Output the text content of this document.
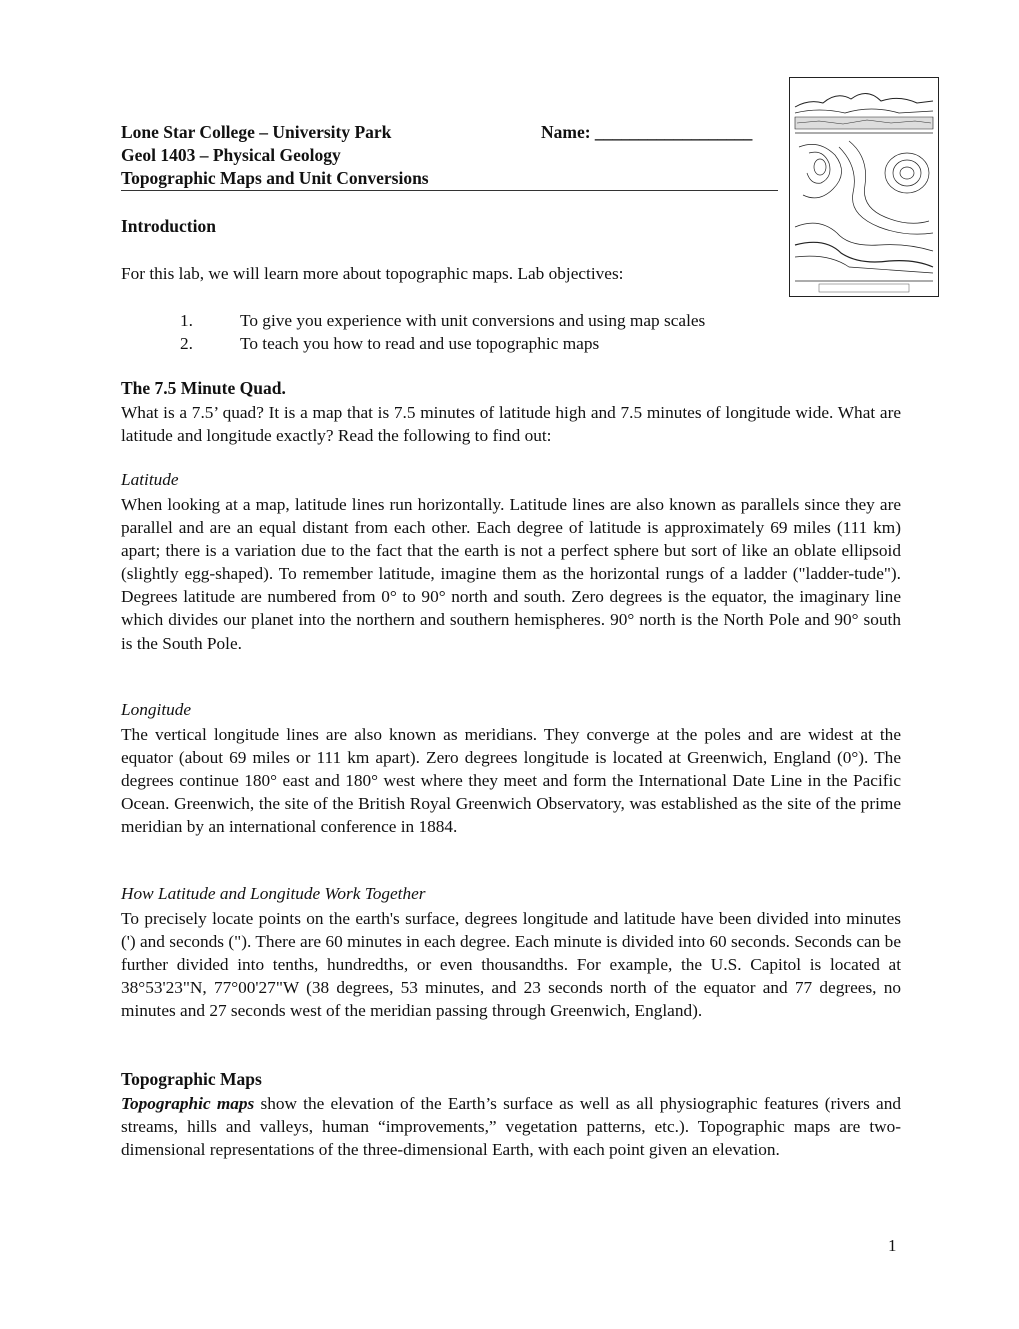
Lone Star College – University Park	Name: __________________
Geol 1403 – Physical Geology
Topographic Maps and Unit Conversions
Introduction
For this lab, we will learn more about topographic maps. Lab objectives:
1.	To give you experience with unit conversions and using map scales
2.	To teach you how to read and use topographic maps
The 7.5 Minute Quad.
What is a 7.5’ quad? It is a map that is 7.5 minutes of latitude high and 7.5 minutes of longitude wide. What are latitude and longitude exactly? Read the following to find out:
Latitude
When looking at a map, latitude lines run horizontally. Latitude lines are also known as parallels since they are parallel and are an equal distant from each other. Each degree of latitude is approximately 69 miles (111 km) apart; there is a variation due to the fact that the earth is not a perfect sphere but sort of like an oblate ellipsoid (slightly egg-shaped). To remember latitude, imagine them as the horizontal rungs of a ladder ("ladder-tude"). Degrees latitude are numbered from 0° to 90° north and south. Zero degrees is the equator, the imaginary line which divides our planet into the northern and southern hemispheres. 90° north is the North Pole and 90° south is the South Pole.
Longitude
The vertical longitude lines are also known as meridians. They converge at the poles and are widest at the equator (about 69 miles or 111 km apart). Zero degrees longitude is located at Greenwich, England (0°). The degrees continue 180° east and 180° west where they meet and form the International Date Line in the Pacific Ocean. Greenwich, the site of the British Royal Greenwich Observatory, was established as the site of the prime meridian by an international conference in 1884.
How Latitude and Longitude Work Together
To precisely locate points on the earth's surface, degrees longitude and latitude have been divided into minutes (') and seconds ("). There are 60 minutes in each degree. Each minute is divided into 60 seconds. Seconds can be further divided into tenths, hundredths, or even thousandths. For example, the U.S. Capitol is located at 38°53'23"N, 77°00'27"W (38 degrees, 53 minutes, and 23 seconds north of the equator and 77 degrees, no minutes and 27 seconds west of the meridian passing through Greenwich, England).
Topographic Maps
Topographic maps show the elevation of the Earth’s surface as well as all physiographic features (rivers and streams, hills and valleys, human “improvements,” vegetation patterns, etc.). Topographic maps are two-dimensional representations of the three-dimensional Earth, with each point given an elevation.
1
